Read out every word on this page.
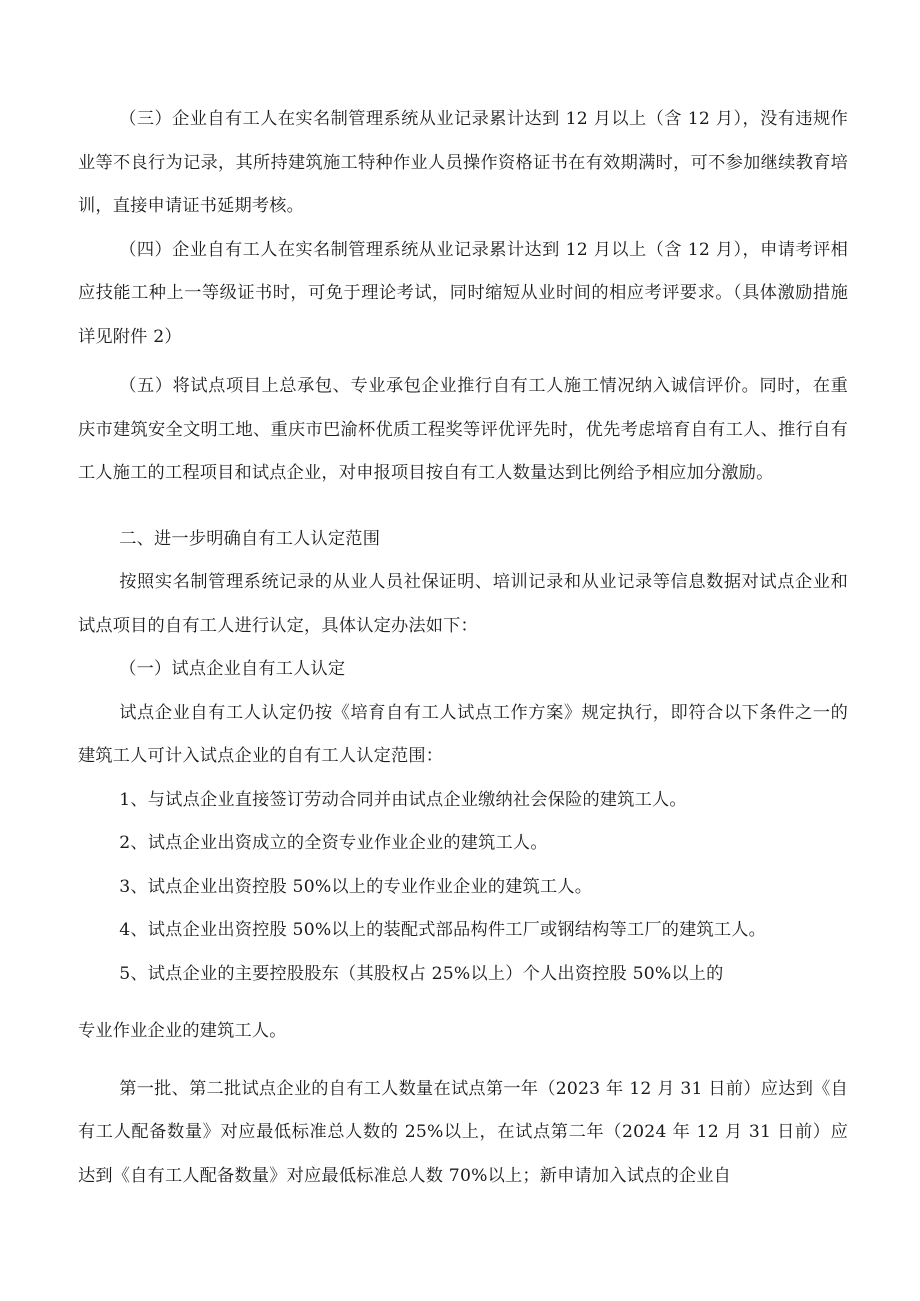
（三）企业自有工人在实名制管理系统从业记录累计达到 12 月以上（含 12 月），没有违规作业等不良行为记录，其所持建筑施工特种作业人员操作资格证书在有效期满时，可不参加继续教育培训，直接申请证书延期考核。

（四）企业自有工人在实名制管理系统从业记录累计达到 12 月以上（含 12 月），申请考评相应技能工种上一等级证书时，可免于理论考试，同时缩短从业时间的相应考评要求。（具体激励措施详见附件 2）

（五）将试点项目上总承包、专业承包企业推行自有工人施工情况纳入诚信评价。同时，在重庆市建筑安全文明工地、重庆市巴渝杯优质工程奖等评优评先时，优先考虑培育自有工人、推行自有工人施工的工程项目和试点企业，对申报项目按自有工人数量达到比例给予相应加分激励。

二、进一步明确自有工人认定范围

按照实名制管理系统记录的从业人员社保证明、培训记录和从业记录等信息数据对试点企业和试点项目的自有工人进行认定，具体认定办法如下：

（一）试点企业自有工人认定

试点企业自有工人认定仍按《培育自有工人试点工作方案》规定执行，即符合以下条件之一的建筑工人可计入试点企业的自有工人认定范围：

1、与试点企业直接签订劳动合同并由试点企业缴纳社会保险的建筑工人。

2、试点企业出资成立的全资专业作业企业的建筑工人。

3、试点企业出资控股 50%以上的专业作业企业的建筑工人。

4、试点企业出资控股 50%以上的装配式部品构件工厂或钢结构等工厂的建筑工人。

5、试点企业的主要控股股东（其股权占 25%以上）个人出资控股 50%以上的

专业作业企业的建筑工人。

第一批、第二批试点企业的自有工人数量在试点第一年（2023 年 12 月 31 日前）应达到《自有工人配备数量》对应最低标准总人数的 25%以上，在试点第二年（2024 年 12 月 31 日前）应达到《自有工人配备数量》对应最低标准总人数 70%以上；新申请加入试点的企业自
